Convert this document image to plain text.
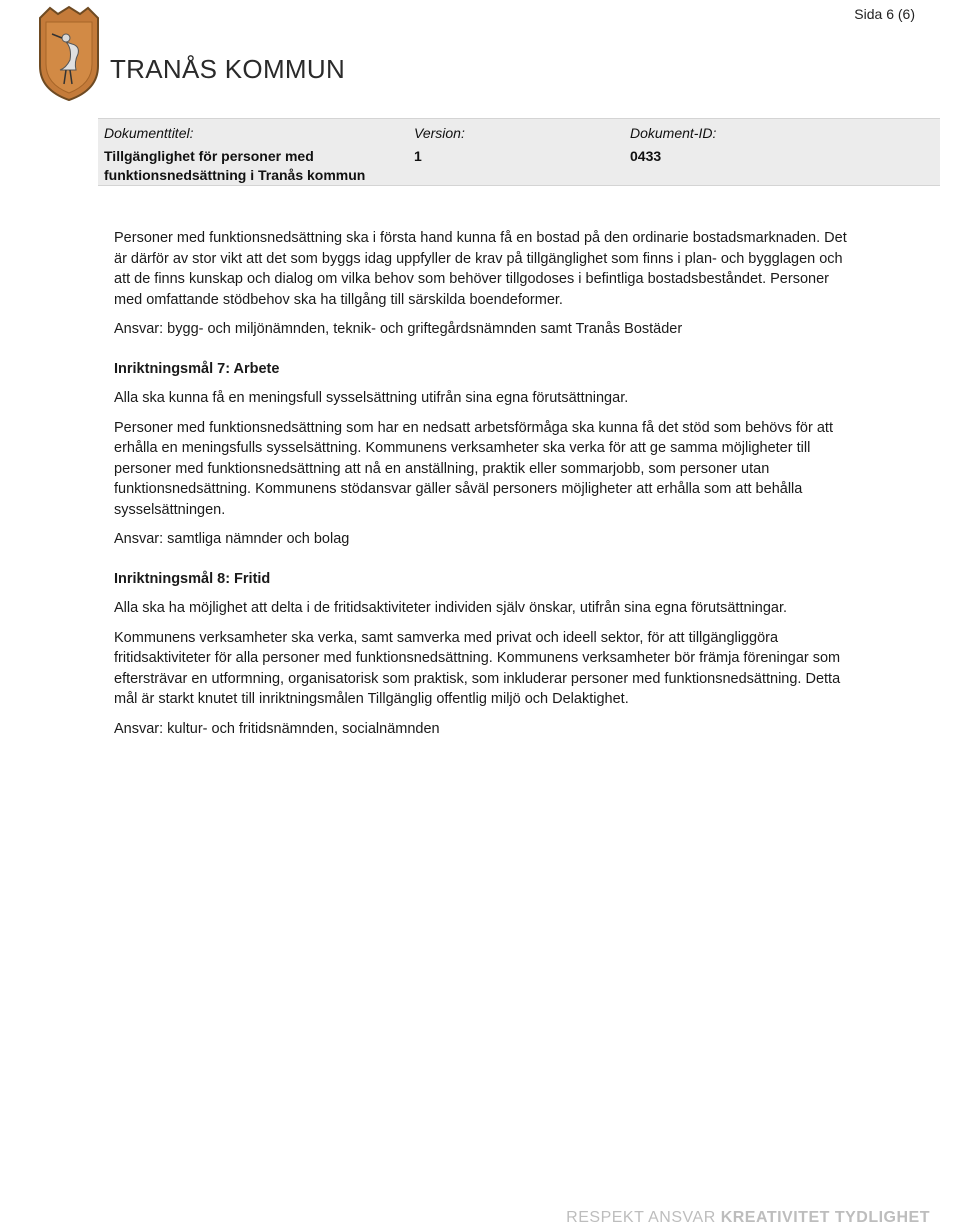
Sida 6 (6)
TRANÅS KOMMUN
Dokumenttitel:
Tillgänglighet för personer med
funktionsnedsättning i Tranås kommun
Version:
1
Dokument-ID:
0433

Personer med funktionsnedsättning ska i första hand kunna få en bostad på den ordinarie bostadsmarknaden. Det är därför av stor vikt att det som byggs idag uppfyller de krav på tillgänglighet som finns i plan- och bygglagen och att de finns kunskap och dialog om vilka behov som behöver tillgodoses i befintliga bostadsbeståndet. Personer med omfattande stödbehov ska ha tillgång till särskilda boendeformer.

Ansvar: bygg- och miljönämnden, teknik- och griftegårdsnämnden samt Tranås Bostäder

Inriktningsmål 7: Arbete

Alla ska kunna få en meningsfull sysselsättning utifrån sina egna förutsättningar.

Personer med funktionsnedsättning som har en nedsatt arbetsförmåga ska kunna få det stöd som behövs för att erhålla en meningsfulls sysselsättning. Kommunens verksamheter ska verka för att ge samma möjligheter till personer med funktionsnedsättning att nå en anställning, praktik eller sommarjobb, som personer utan funktionsnedsättning. Kommunens stödansvar gäller såväl personers möjligheter att erhålla som att behålla sysselsättningen.

Ansvar: samtliga nämnder och bolag

Inriktningsmål 8: Fritid

Alla ska ha möjlighet att delta i de fritidsaktiviteter individen själv önskar, utifrån sina egna förutsättningar.

Kommunens verksamheter ska verka, samt samverka med privat och ideell sektor, för att tillgängliggöra fritidsaktiviteter för alla personer med funktionsnedsättning. Kommunens verksamheter bör främja föreningar som eftersträvar en utformning, organisatorisk som praktisk, som inkluderar personer med funktionsnedsättning. Detta mål är starkt knutet till inriktningsmålen Tillgänglig offentlig miljö och Delaktighet.

Ansvar: kultur- och fritidsnämnden, socialnämnden

RESPEKT ANSVAR KREATIVITET TYDLIGHET
